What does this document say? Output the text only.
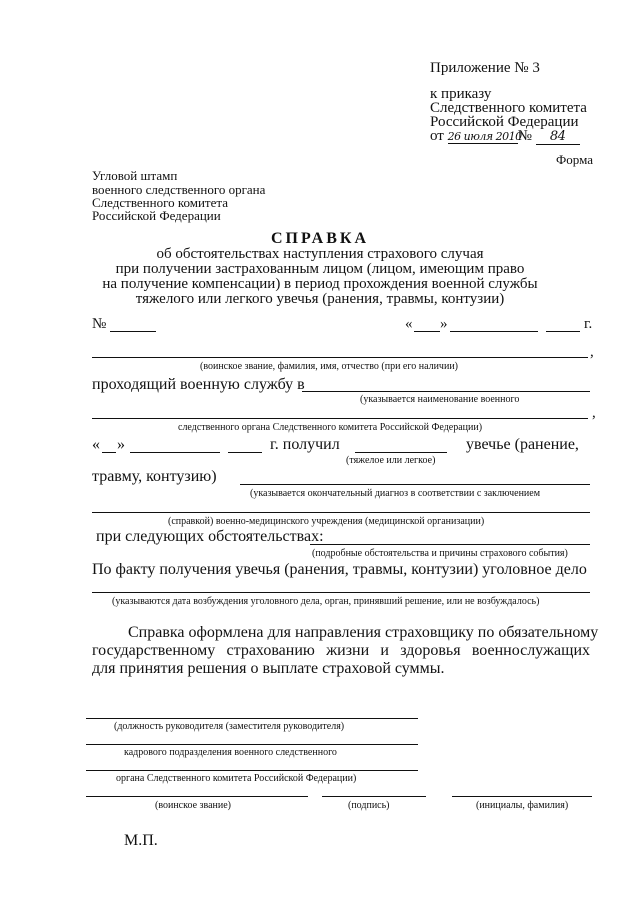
Приложение № 3
к приказу
Следственного комитета
Российской Федерации
от 26 июля 2010№ 84
Форма
Угловой штамп
военного следственного органа
Следственного комитета
Российской Федерации
СПРАВКА
об обстоятельствах наступления страхового случая
при получении застрахованным лицом (лицом, имеющим право
на получение компенсации) в период прохождения военной службы
тяжелого или легкого увечья (ранения, травмы, контузии)
№	« »	г.
,
(воинское звание, фамилия, имя, отчество (при его наличии)
проходящий военную службу в
(указывается наименование военного
,
следственного органа Следственного комитета Российской Федерации)
« »	г. получил	увечье (ранение,
(тяжелое или легкое)
травму, контузию)
(указывается окончательный диагноз в соответствии с заключением
(справкой) военно-медицинского учреждения (медицинской организации)
при следующих обстоятельствах:
(подробные обстоятельства и причины страхового события)
По факту получения увечья (ранения, травмы, контузии) уголовное дело
(указываются дата возбуждения уголовного дела, орган, принявший решение, или не возбуждалось)
Справка оформлена для направления страховщику по обязательному
государственному страхованию жизни и здоровья военнослужащих
для принятия решения о выплате страховой суммы.
(должность руководителя (заместителя руководителя)
кадрового подразделения военного следственного
органа Следственного комитета Российской Федерации)
(воинское звание)	(подпись)	(инициалы, фамилия)
М.П.
